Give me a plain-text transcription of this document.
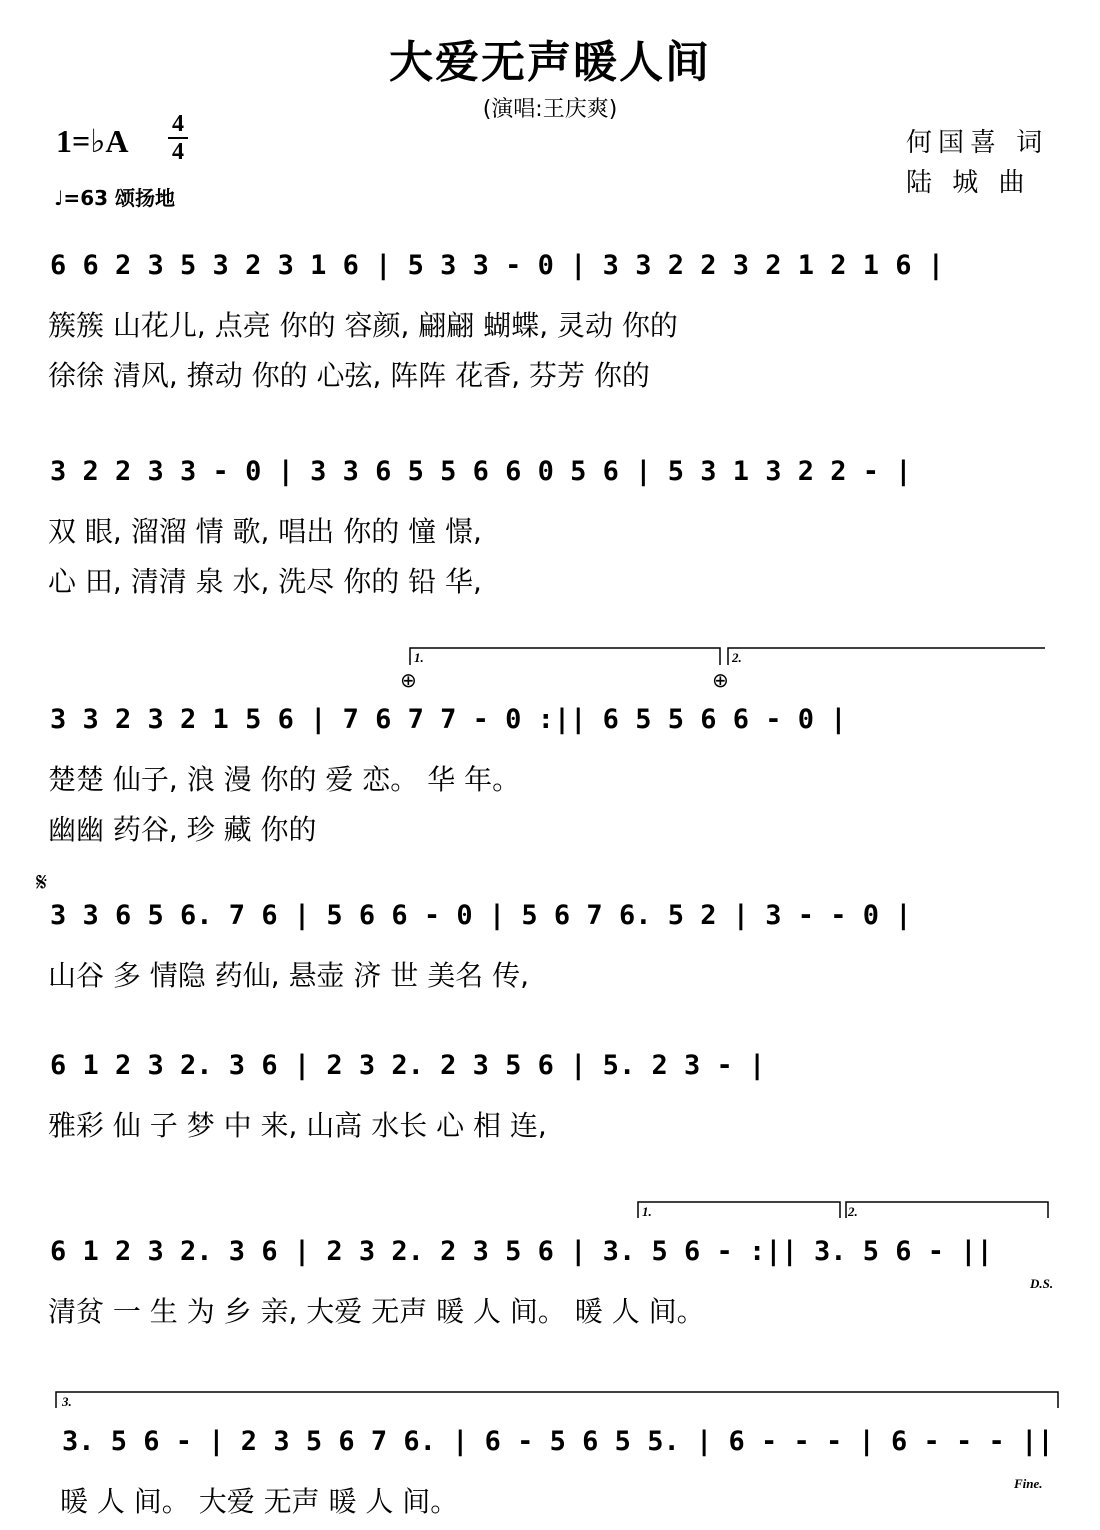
大爱无声暖人间
(演唱:王庆爽)
1=♭A 4
4
♩=63 颂扬地
何国喜 词
陆 城 曲
6 6 2 3 5 3 2 3 1 6 | 5 3 3 - 0 | 3 3 2 2 3 2 1 2 1 6 |
簇簇 山花儿, 点亮 你的 容颜, 翩翩 蝴蝶, 灵动 你的
徐徐 清风, 撩动 你的 心弦, 阵阵 花香, 芬芳 你的
3 2 2 3 3 - 0 | 3 3 6 5 5 6 6 0 5 6 | 5 3 1 3 2 2 - |
双 眼, 溜溜 情 歌, 唱出 你的 憧 憬,
心 田, 清清 泉 水, 洗尽 你的 铅 华,
1.	2.
⊕	⊕
3 3 2 3 2 1 5 6 | 7 6 7 7 - 0 :|| 6 5 5 6 6 - 0 |
楚楚 仙子, 浪 漫 你的 爱 恋。 华 年。
幽幽 药谷, 珍 藏 你的
𝄋
3 3 6 5 6. 7 6 | 5 6 6 - 0 | 5 6 7 6. 5 2 | 3 - - 0 |
山谷 多 情隐 药仙, 悬壶 济 世 美名 传,
6 1 2 3 2. 3 6 | 2 3 2. 2 3 5 6 | 5. 2 3 - |
雅彩 仙 子 梦 中 来, 山高 水长 心 相 连,
1.	2.
6 1 2 3 2. 3 6 | 2 3 2. 2 3 5 6 | 3. 5 6 - :|| 3. 5 6 - ||
D.S.
清贫 一 生 为 乡 亲, 大爱 无声 暖 人 间。 暖 人 间。
3.
3. 5 6 - | 2 3 5 6 7 6. | 6 - 5 6 5 5. | 6 - - - | 6 - - - ||
暖 人 间。 大爱 无声 暖 人 间。
Fine.
